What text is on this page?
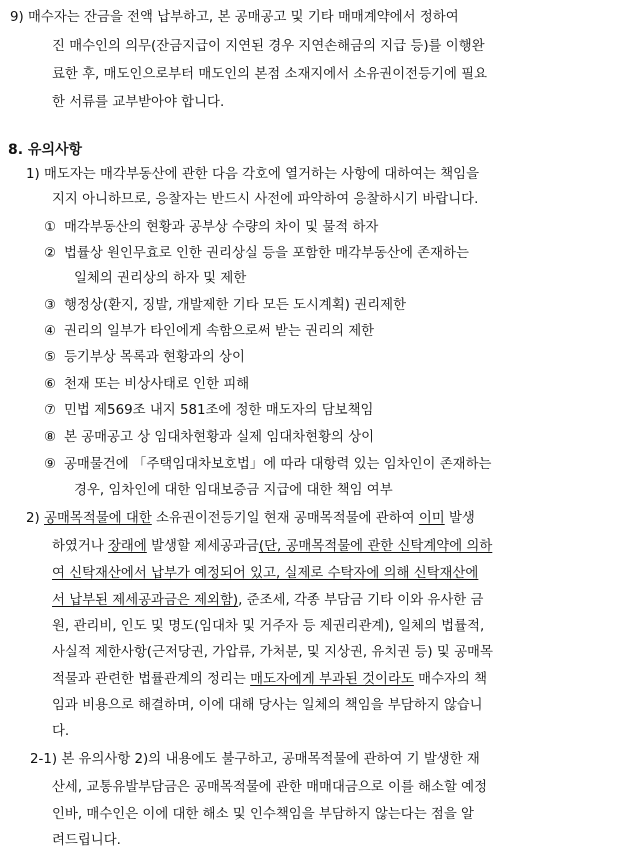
9) 매수자는 잔금을 전액 납부하고, 본 공매공고 및 기타 매매계약에서 정하여
진 매수인의 의무(잔금지급이 지연된 경우 지연손해금의 지급 등)를 이행완
료한 후, 매도인으로부터 매도인의 본점 소재지에서 소유권이전등기에 필요
한 서류를 교부받아야 합니다.
8. 유의사항
1) 매도자는 매각부동산에 관한 다음 각호에 열거하는 사항에 대하여는 책임을
지지 아니하므로, 응찰자는 반드시 사전에 파악하여 응찰하시기 바랍니다.
① 매각부동산의 현황과 공부상 수량의 차이 및 물적 하자
② 법률상 원인무효로 인한 권리상실 등을 포함한 매각부동산에 존재하는
일체의 권리상의 하자 및 제한
③ 행정상(환지, 징발, 개발제한 기타 모든 도시계획) 권리제한
④ 권리의 일부가 타인에게 속함으로써 받는 권리의 제한
⑤ 등기부상 목록과 현황과의 상이
⑥ 천재 또는 비상사태로 인한 피해
⑦ 민법 제569조 내지 581조에 정한 매도자의 담보책임
⑧ 본 공매공고 상 임대차현황과 실제 임대차현황의 상이
⑨ 공매물건에 「주택임대차보호법」에 따라 대항력 있는 임차인이 존재하는
경우, 임차인에 대한 임대보증금 지급에 대한 책임 여부
2) 공매목적물에 대한 소유권이전등기일 현재 공매목적물에 관하여 이미 발생
하였거나 장래에 발생할 제세공과금(단, 공매목적물에 관한 신탁계약에 의하
여 신탁재산에서 납부가 예정되어 있고, 실제로 수탁자에 의해 신탁재산에
서 납부된 제세공과금은 제외함), 준조세, 각종 부담금 기타 이와 유사한 금
원, 관리비, 인도 및 명도(임대차 및 거주자 등 제권리관계), 일체의 법률적,
사실적 제한사항(근저당권, 가압류, 가처분, 및 지상권, 유치권 등) 및 공매목
적물과 관련한 법률관계의 정리는 매도자에게 부과된 것이라도 매수자의 책
임과 비용으로 해결하며, 이에 대해 당사는 일체의 책임을 부담하지 않습니
다.
2-1) 본 유의사항 2)의 내용에도 불구하고, 공매목적물에 관하여 기 발생한 재
산세, 교통유발부담금은 공매목적물에 관한 매매대금으로 이를 해소할 예정
인바, 매수인은 이에 대한 해소 및 인수책임을 부담하지 않는다는 점을 알
려드립니다.
